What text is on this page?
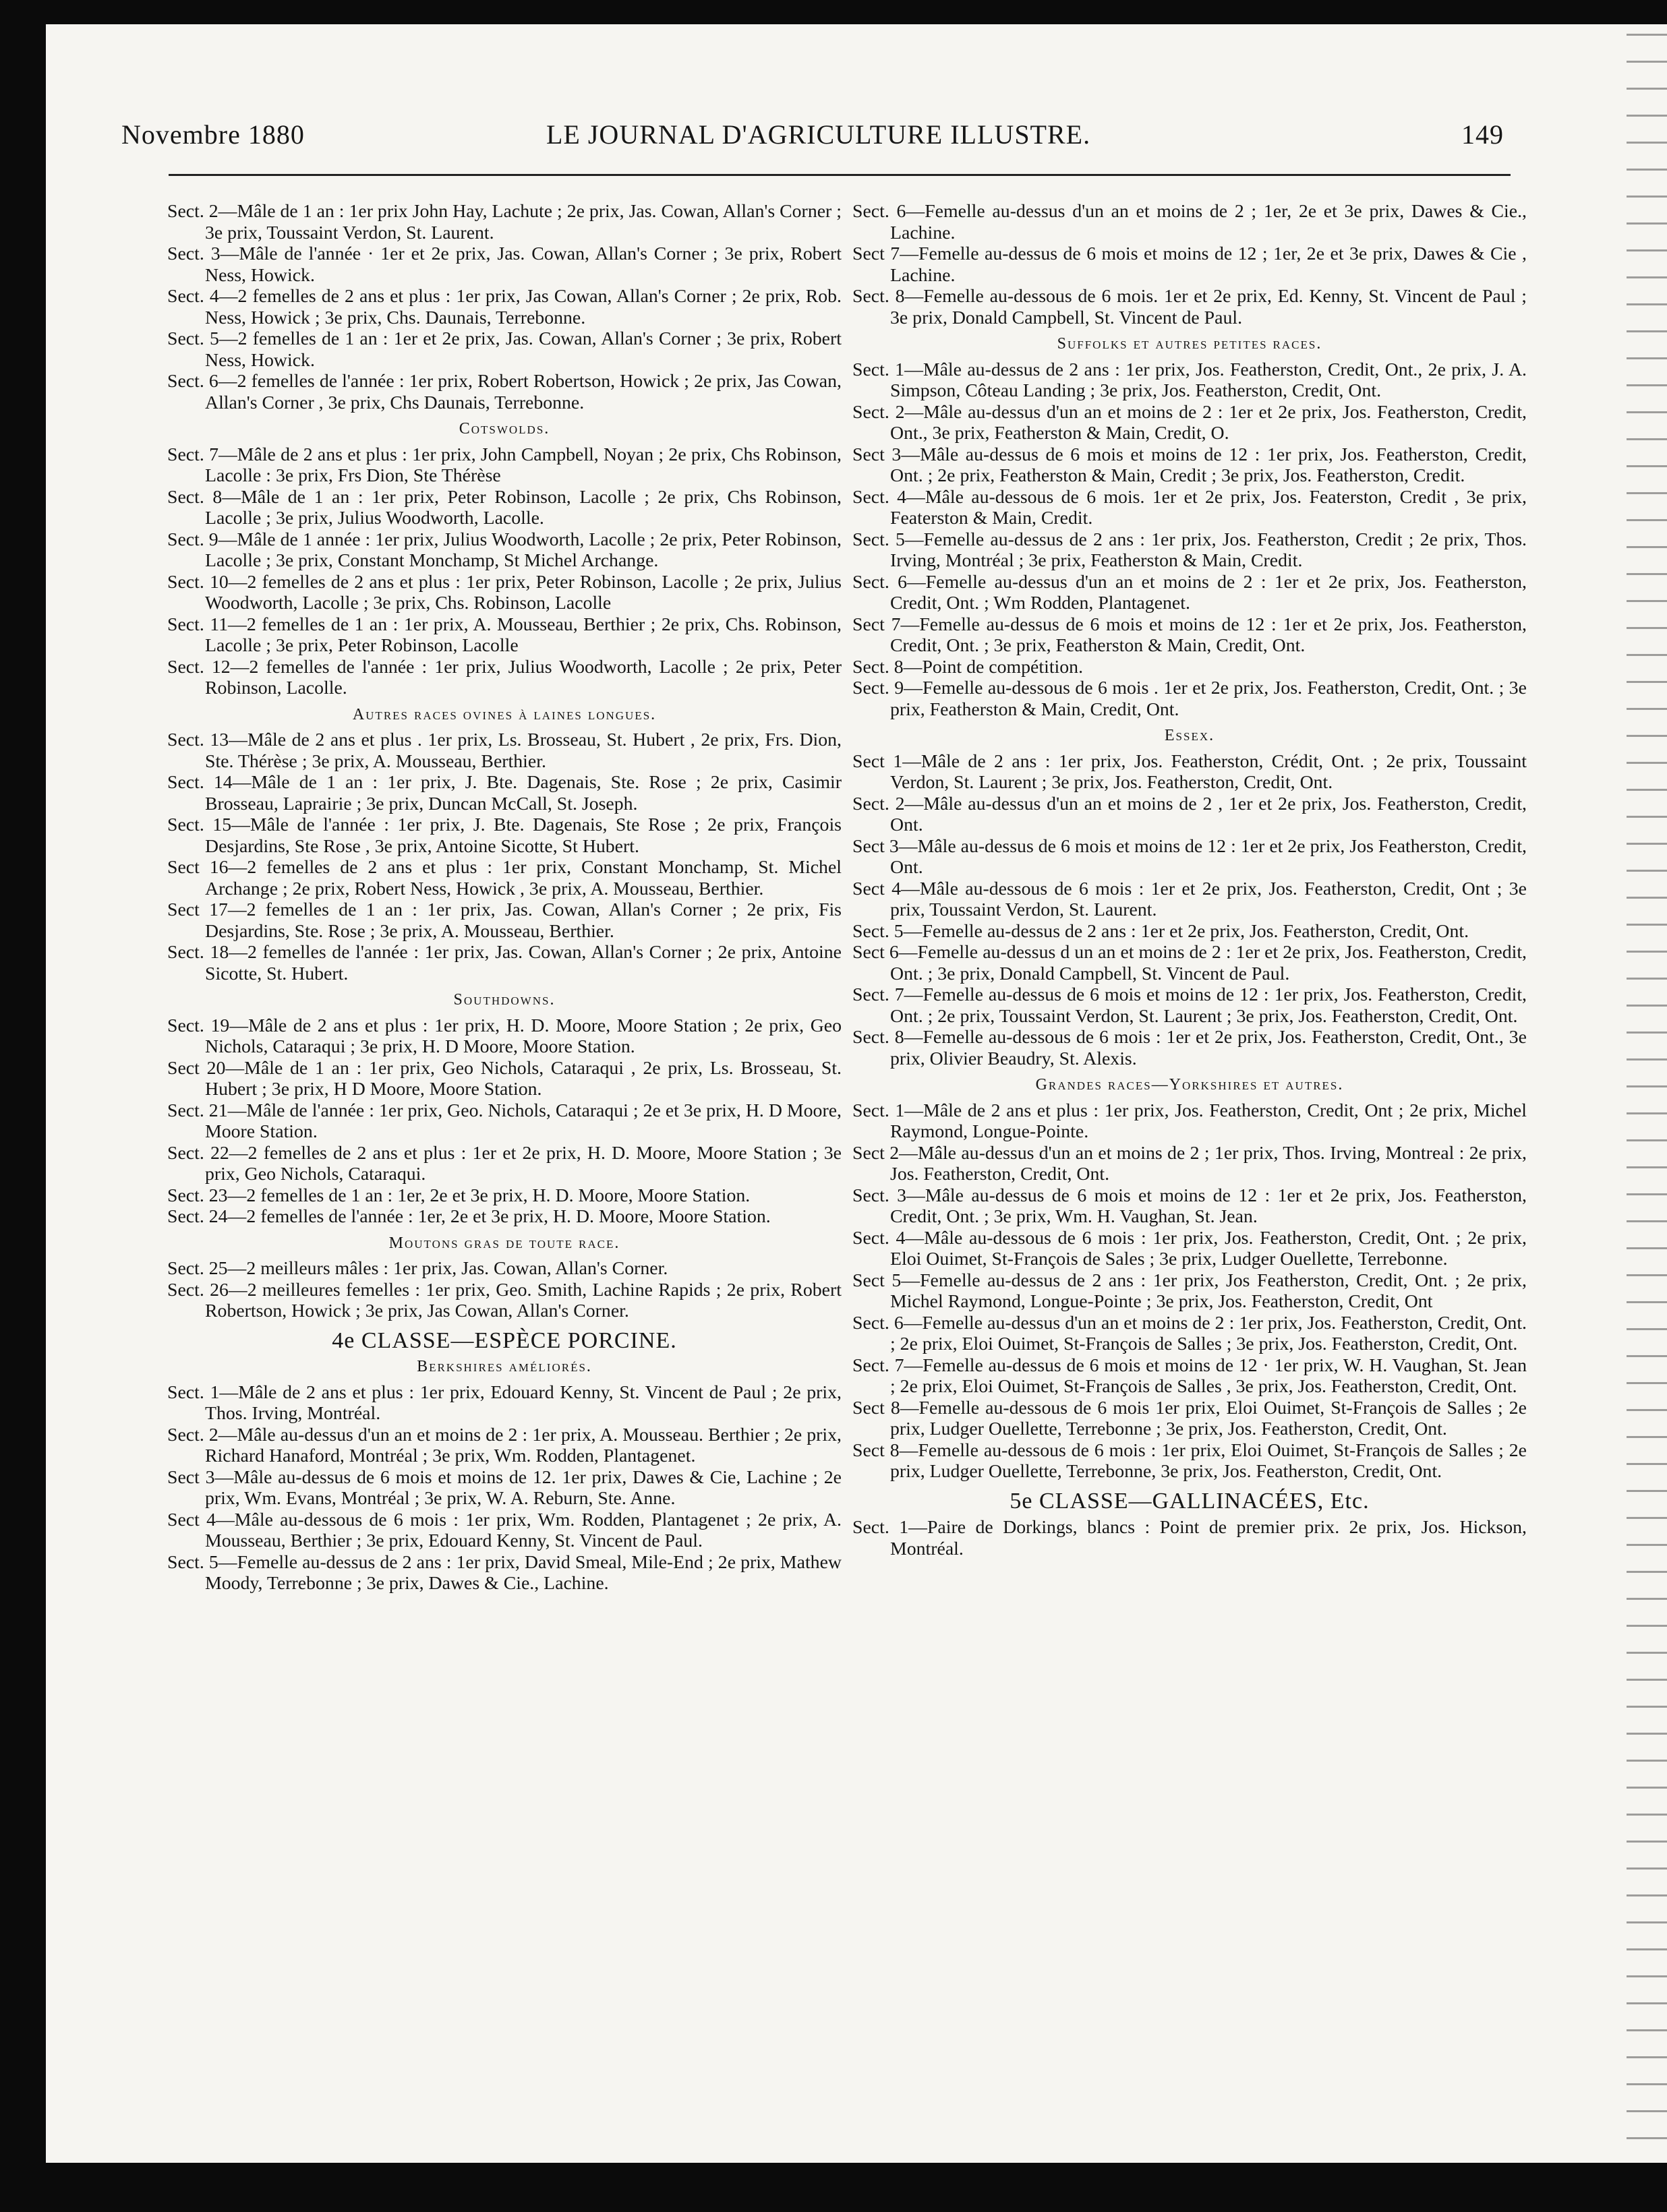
Novembre 1880	LE JOURNAL D'AGRICULTURE ILLUSTRE.	149

Sect. 2—Mâle de 1 an : 1er prix John Hay, Lachute ; 2e prix, Jas. Cowan, Allan's Corner ; 3e prix, Toussaint Verdon, St. Laurent.

Sect. 3—Mâle de l'année · 1er et 2e prix, Jas. Cowan, Allan's Corner ; 3e prix, Robert Ness, Howick.

Sect. 4—2 femelles de 2 ans et plus : 1er prix, Jas Cowan, Allan's Corner ; 2e prix, Rob. Ness, Howick ; 3e prix, Chs. Daunais, Terrebonne.

Sect. 5—2 femelles de 1 an : 1er et 2e prix, Jas. Cowan, Allan's Corner ; 3e prix, Robert Ness, Howick.

Sect. 6—2 femelles de l'année : 1er prix, Robert Robertson, Howick ; 2e prix, Jas Cowan, Allan's Corner , 3e prix, Chs Daunais, Terrebonne.

Cotswolds.

Sect. 7—Mâle de 2 ans et plus : 1er prix, John Campbell, Noyan ; 2e prix, Chs Robinson, Lacolle : 3e prix, Frs Dion, Ste Thérèse

Sect. 8—Mâle de 1 an : 1er prix, Peter Robinson, Lacolle ; 2e prix, Chs Robinson, Lacolle ; 3e prix, Julius Woodworth, Lacolle.

Sect. 9—Mâle de 1 année : 1er prix, Julius Woodworth, Lacolle ; 2e prix, Peter Robinson, Lacolle ; 3e prix, Constant Monchamp, St Michel Archange.

Sect. 10—2 femelles de 2 ans et plus : 1er prix, Peter Robinson, Lacolle ; 2e prix, Julius Woodworth, Lacolle ; 3e prix, Chs. Robinson, Lacolle

Sect. 11—2 femelles de 1 an : 1er prix, A. Mousseau, Berthier ; 2e prix, Chs. Robinson, Lacolle ; 3e prix, Peter Robinson, Lacolle

Sect. 12—2 femelles de l'année : 1er prix, Julius Woodworth, Lacolle ; 2e prix, Peter Robinson, Lacolle.

Autres races ovines à laines longues.

Sect. 13—Mâle de 2 ans et plus . 1er prix, Ls. Brosseau, St. Hubert , 2e prix, Frs. Dion, Ste. Thérèse ; 3e prix, A. Mousseau, Berthier.

Sect. 14—Mâle de 1 an : 1er prix, J. Bte. Dagenais, Ste. Rose ; 2e prix, Casimir Brosseau, Laprairie ; 3e prix, Duncan McCall, St. Joseph.

Sect. 15—Mâle de l'année : 1er prix, J. Bte. Dagenais, Ste Rose ; 2e prix, François Desjardins, Ste Rose , 3e prix, Antoine Sicotte, St Hubert.

Sect 16—2 femelles de 2 ans et plus : 1er prix, Constant Monchamp, St. Michel Archange ; 2e prix, Robert Ness, Howick , 3e prix, A. Mousseau, Berthier.

Sect 17—2 femelles de 1 an : 1er prix, Jas. Cowan, Allan's Corner ; 2e prix, Fis Desjardins, Ste. Rose ; 3e prix, A. Mousseau, Berthier.

Sect. 18—2 femelles de l'année : 1er prix, Jas. Cowan, Allan's Corner ; 2e prix, Antoine Sicotte, St. Hubert.

Southdowns.

Sect. 19—Mâle de 2 ans et plus : 1er prix, H. D. Moore, Moore Station ; 2e prix, Geo Nichols, Cataraqui ; 3e prix, H. D Moore, Moore Station.

Sect 20—Mâle de 1 an : 1er prix, Geo Nichols, Cataraqui , 2e prix, Ls. Brosseau, St. Hubert ; 3e prix, H D Moore, Moore Station.

Sect. 21—Mâle de l'année : 1er prix, Geo. Nichols, Cataraqui ; 2e et 3e prix, H. D Moore, Moore Station.

Sect. 22—2 femelles de 2 ans et plus : 1er et 2e prix, H. D. Moore, Moore Station ; 3e prix, Geo Nichols, Cataraqui.

Sect. 23—2 femelles de 1 an : 1er, 2e et 3e prix, H. D. Moore, Moore Station.

Sect. 24—2 femelles de l'année : 1er, 2e et 3e prix, H. D. Moore, Moore Station.

Moutons gras de toute race.

Sect. 25—2 meilleurs mâles : 1er prix, Jas. Cowan, Allan's Corner.

Sect. 26—2 meilleures femelles : 1er prix, Geo. Smith, Lachine Rapids ; 2e prix, Robert Robertson, Howick ; 3e prix, Jas Cowan, Allan's Corner.

4e CLASSE—ESPÈCE PORCINE.
Berkshires améliorés.

Sect. 1—Mâle de 2 ans et plus : 1er prix, Edouard Kenny, St. Vincent de Paul ; 2e prix, Thos. Irving, Montréal.

Sect. 2—Mâle au-dessus d'un an et moins de 2 : 1er prix, A. Mousseau. Berthier ; 2e prix, Richard Hanaford, Montréal ; 3e prix, Wm. Rodden, Plantagenet.

Sect 3—Mâle au-dessus de 6 mois et moins de 12. 1er prix, Dawes & Cie, Lachine ; 2e prix, Wm. Evans, Montréal ; 3e prix, W. A. Reburn, Ste. Anne.

Sect 4—Mâle au-dessous de 6 mois : 1er prix, Wm. Rodden, Plantagenet ; 2e prix, A. Mousseau, Berthier ; 3e prix, Edouard Kenny, St. Vincent de Paul.

Sect. 5—Femelle au-dessus de 2 ans : 1er prix, David Smeal, Mile-End ; 2e prix, Mathew Moody, Terrebonne ; 3e prix, Dawes & Cie., Lachine.

Sect. 6—Femelle au-dessus d'un an et moins de 2 ; 1er, 2e et 3e prix, Dawes & Cie., Lachine.

Sect 7—Femelle au-dessus de 6 mois et moins de 12 ; 1er, 2e et 3e prix, Dawes & Cie , Lachine.

Sect. 8—Femelle au-dessous de 6 mois. 1er et 2e prix, Ed. Kenny, St. Vincent de Paul ; 3e prix, Donald Campbell, St. Vincent de Paul.

Suffolks et autres petites races.

Sect. 1—Mâle au-dessus de 2 ans : 1er prix, Jos. Featherston, Credit, Ont., 2e prix, J. A. Simpson, Côteau Landing ; 3e prix, Jos. Featherston, Credit, Ont.

Sect. 2—Mâle au-dessus d'un an et moins de 2 : 1er et 2e prix, Jos. Featherston, Credit, Ont., 3e prix, Featherston & Main, Credit, O.

Sect 3—Mâle au-dessus de 6 mois et moins de 12 : 1er prix, Jos. Featherston, Credit, Ont. ; 2e prix, Featherston & Main, Credit ; 3e prix, Jos. Featherston, Credit.

Sect. 4—Mâle au-dessous de 6 mois. 1er et 2e prix, Jos. Featerston, Credit , 3e prix, Featerston & Main, Credit.

Sect. 5—Femelle au-dessus de 2 ans : 1er prix, Jos. Featherston, Credit ; 2e prix, Thos. Irving, Montréal ; 3e prix, Featherston & Main, Credit.

Sect. 6—Femelle au-dessus d'un an et moins de 2 : 1er et 2e prix, Jos. Featherston, Credit, Ont. ; Wm Rodden, Plantagenet.

Sect 7—Femelle au-dessus de 6 mois et moins de 12 : 1er et 2e prix, Jos. Featherston, Credit, Ont. ; 3e prix, Featherston & Main, Credit, Ont.

Sect. 8—Point de compétition.

Sect. 9—Femelle au-dessous de 6 mois . 1er et 2e prix, Jos. Featherston, Credit, Ont. ; 3e prix, Featherston & Main, Credit, Ont.

Essex.

Sect 1—Mâle de 2 ans : 1er prix, Jos. Featherston, Crédit, Ont. ; 2e prix, Toussaint Verdon, St. Laurent ; 3e prix, Jos. Featherston, Credit, Ont.

Sect. 2—Mâle au-dessus d'un an et moins de 2 , 1er et 2e prix, Jos. Featherston, Credit, Ont.

Sect 3—Mâle au-dessus de 6 mois et moins de 12 : 1er et 2e prix, Jos Featherston, Credit, Ont.

Sect 4—Mâle au-dessous de 6 mois : 1er et 2e prix, Jos. Featherston, Credit, Ont ; 3e prix, Toussaint Verdon, St. Laurent.

Sect. 5—Femelle au-dessus de 2 ans : 1er et 2e prix, Jos. Featherston, Credit, Ont.

Sect 6—Femelle au-dessus d un an et moins de 2 : 1er et 2e prix, Jos. Featherston, Credit, Ont. ; 3e prix, Donald Campbell, St. Vincent de Paul.

Sect. 7—Femelle au-dessus de 6 mois et moins de 12 : 1er prix, Jos. Featherston, Credit, Ont. ; 2e prix, Toussaint Verdon, St. Laurent ; 3e prix, Jos. Featherston, Credit, Ont.

Sect. 8—Femelle au-dessous de 6 mois : 1er et 2e prix, Jos. Featherston, Credit, Ont., 3e prix, Olivier Beaudry, St. Alexis.

Grandes races—Yorkshires et autres.

Sect. 1—Mâle de 2 ans et plus : 1er prix, Jos. Featherston, Credit, Ont ; 2e prix, Michel Raymond, Longue-Pointe.

Sect 2—Mâle au-dessus d'un an et moins de 2 ; 1er prix, Thos. Irving, Montreal : 2e prix, Jos. Featherston, Credit, Ont.

Sect. 3—Mâle au-dessus de 6 mois et moins de 12 : 1er et 2e prix, Jos. Featherston, Credit, Ont. ; 3e prix, Wm. H. Vaughan, St. Jean.

Sect. 4—Mâle au-dessous de 6 mois : 1er prix, Jos. Featherston, Credit, Ont. ; 2e prix, Eloi Ouimet, St-François de Sales ; 3e prix, Ludger Ouellette, Terrebonne.

Sect 5—Femelle au-dessus de 2 ans : 1er prix, Jos Featherston, Credit, Ont. ; 2e prix, Michel Raymond, Longue-Pointe ; 3e prix, Jos. Featherston, Credit, Ont

Sect. 6—Femelle au-dessus d'un an et moins de 2 : 1er prix, Jos. Featherston, Credit, Ont. ; 2e prix, Eloi Ouimet, St-François de Salles ; 3e prix, Jos. Featherston, Credit, Ont.

Sect. 7—Femelle au-dessus de 6 mois et moins de 12 · 1er prix, W. H. Vaughan, St. Jean ; 2e prix, Eloi Ouimet, St-François de Salles , 3e prix, Jos. Featherston, Credit, Ont.

Sect 8—Femelle au-dessous de 6 mois 1er prix, Eloi Ouimet, St-François de Salles ; 2e prix, Ludger Ouellette, Terrebonne ; 3e prix, Jos. Featherston, Credit, Ont.

Sect 8—Femelle au-dessous de 6 mois : 1er prix, Eloi Ouimet, St-François de Salles ; 2e prix, Ludger Ouellette, Terrebonne, 3e prix, Jos. Featherston, Credit, Ont.

5e CLASSE—GALLINACÉES, Etc.

Sect. 1—Paire de Dorkings, blancs : Point de premier prix. 2e prix, Jos. Hickson, Montréal.
